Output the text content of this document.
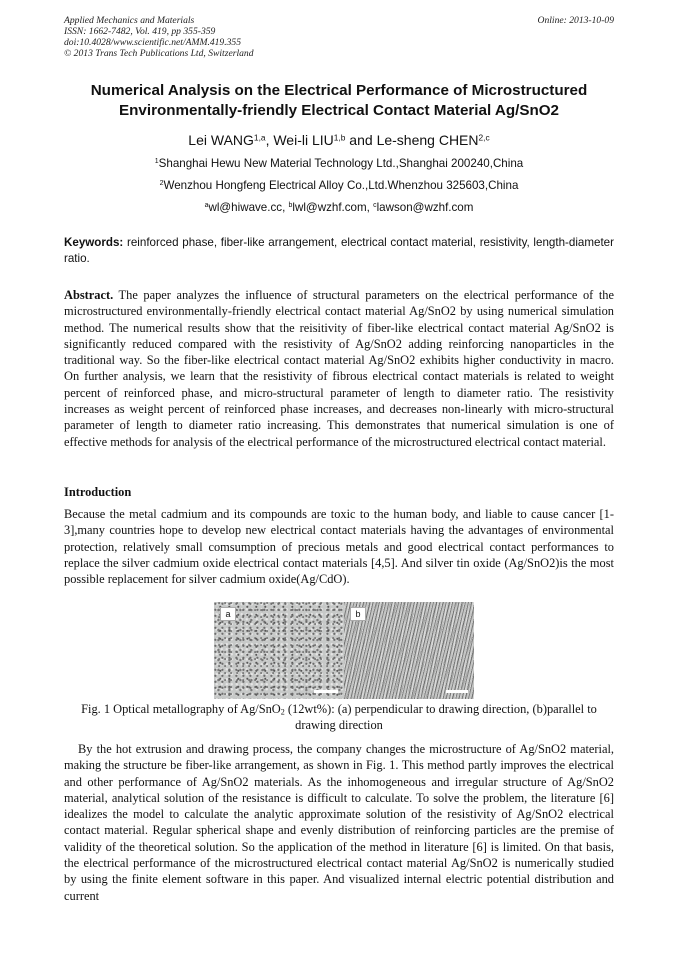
Applied Mechanics and Materials
ISSN: 1662-7482, Vol. 419, pp 355-359
doi:10.4028/www.scientific.net/AMM.419.355
© 2013 Trans Tech Publications Ltd, Switzerland
Online: 2013-10-09
Numerical Analysis on the Electrical Performance of Microstructured
Environmentally-friendly Electrical Contact Material Ag/SnO2
Lei WANG$^{1,a}$, Wei-li LIU$^{1,b}$ and Le-sheng CHEN$^{2,c}$
$^1$Shanghai Hewu New Material Technology Ltd.,Shanghai 200240,China
$^2$Wenzhou Hongfeng Electrical Alloy Co.,Ltd.Whenzhou 325603,China
$^a$wl@hiwave.cc, $^b$lwl@wzhf.com, $^c$lawson@wzhf.com
Keywords: reinforced phase, fiber-like arrangement, electrical contact material, resistivity, length-diameter ratio.
Abstract. The paper analyzes the influence of structural parameters on the electrical performance of the microstructured environmentally-friendly electrical contact material Ag/SnO2 by using numerical simulation method. The numerical results show that the reisitivity of fiber-like electrical contact material Ag/SnO2 is significantly reduced compared with the resistivity of Ag/SnO2 adding reinforcing nanoparticles in the traditional way. So the fiber-like electrical contact material Ag/SnO2 exhibits higher conductivity in macro. On further analysis, we learn that the resistivity of fibrous electrical contact materials is related to weight percent of reinforced phase, and micro-structural parameter of length to diameter ratio. The resistivity increases as weight percent of reinforced phase increases, and decreases non-linearly with micro-structural parameter of length to diameter ratio increasing. This demonstrates that numerical simulation is one of effective methods for analysis of the electrical performance of the microstructured electrical contact material.
Introduction
Because the metal cadmium and its compounds are toxic to the human body, and liable to cause cancer [1-3],many countries hope to develop new electrical contact materials having the advantages of environmental protection, relatively small comsumption of precious metals and good electrical contact performances to replace the silver cadmium oxide electrical contact materials [4,5]. And silver tin oxide (Ag/SnO2)is the most possible replacement for silver cadmium oxide(Ag/CdO).
a	b
Fig. 1 Optical metallography of Ag/SnO$_2$ (12wt%): (a) perpendicular to drawing direction, (b)parallel to drawing direction
By the hot extrusion and drawing process, the company changes the microstructure of Ag/SnO2 material, making the structure be fiber-like arrangement, as shown in Fig. 1. This method partly improves the electrical and other performance of Ag/SnO2 materials. As the inhomogeneous and irregular structure of Ag/SnO2 material, analytical solution of the resistance is difficult to calculate. To solve the problem, the literature [6] idealizes the model to calculate the analytic approximate solution of the resistivity of Ag/SnO2 electrical contact material. Regular spherical shape and evenly distribution of reinforcing particles are the premise of validity of the theoretical solution. So the application of the method in literature [6] is limited. On that basis, the electrical performance of the microstructured electrical contact material Ag/SnO2 is numerically studied by using the finite element software in this paper. And visualized internal electric potential distribution and current
